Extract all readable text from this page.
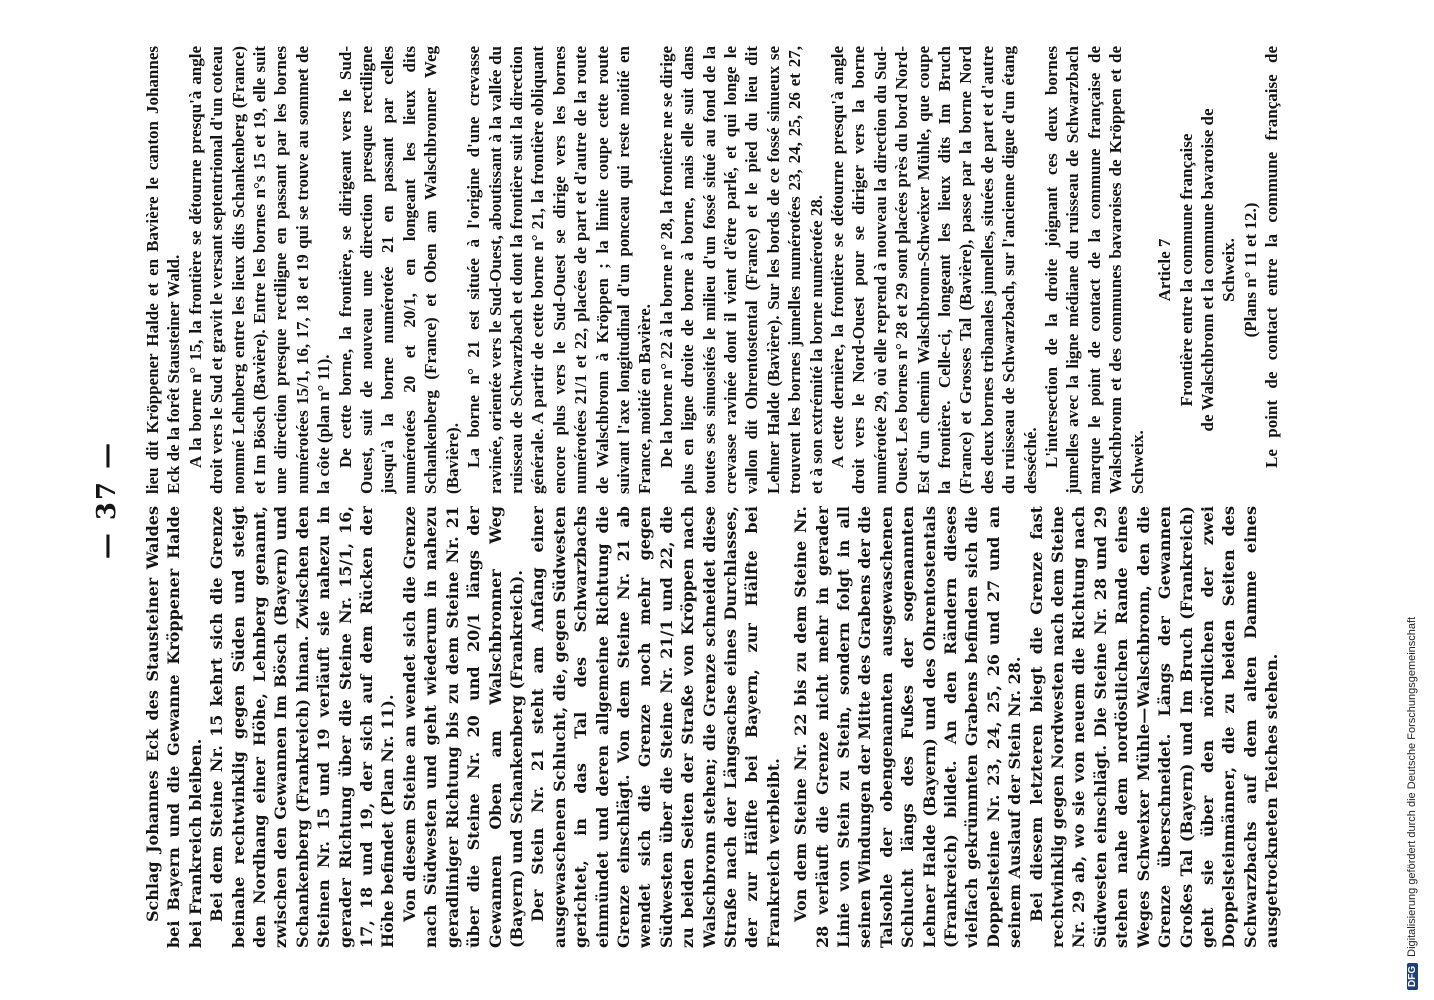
— 37 —

Schlag Johannes Eck des Stausteiner Waldes bei Bayern und die Gewanne Kröppener Halde bei Frankreich bleiben. Bei dem Steine Nr. 15 kehrt sich die Grenze beinahe rechtwinklig gegen Süden und steigt den Nordhang einer Höhe, Lehnberg genannt, zwischen den Gewannen Im Bösch (Bayern) und Schankenberg (Frankreich) hinan. Zwischen den Steinen Nr. 15 und 19 verläuft sie nahezu in gerader Richtung über die Steine Nr. 15/1, 16, 17, 18 und 19, der sich auf dem Rücken der Höhe befindet (Plan Nr. 11). Von diesem Steine an wendet sich die Grenze nach Südwesten und geht wiederum in nahezu geradliniger Richtung bis zu dem Steine Nr. 21 über die Steine Nr. 20 und 20/1 längs der Gewannen Oben am Walschbronner Weg (Bayern) und Schankenberg (Frankreich). Der Stein Nr. 21 steht am Anfang einer ausgewaschenen Schlucht, die, gegen Südwesten gerichtet, in das Tal des Schwarzbachs einmündet und deren allgemeine Richtung die Grenze einschlägt. Von dem Steine Nr. 21 ab wendet sich die Grenze noch mehr gegen Südwesten über die Steine Nr. 21/1 und 22, die zu beiden Seiten der Straße von Kröppen nach Walschbronn stehen; die Grenze schneidet diese Straße nach der Längsachse eines Durchlasses, der zur Hälfte bei Bayern, zur Hälfte bei Frankreich verbleibt. Von dem Steine Nr. 22 bis zu dem Steine Nr. 28 verläuft die Grenze nicht mehr in gerader Linie von Stein zu Stein, sondern folgt in all seinen Windungen der Mitte des Grabens der die Talsohle der obengenannten ausgewaschenen Schlucht längs des Fußes der sogenannten Lehner Halde (Bayern) und des Ohrentostentals (Frankreich) bildet. An den Rändern dieses vielfach gekrümmten Grabens befinden sich die Doppelsteine Nr. 23, 24, 25, 26 und 27 und an seinem Auslauf der Stein Nr. 28. Bei diesem letzteren biegt die Grenze fast rechtwinklig gegen Nordwesten nach dem Steine Nr. 29 ab, wo sie von neuem die Richtung nach Südwesten einschlägt. Die Steine Nr. 28 und 29 stehen nahe dem nordöstlichen Rande eines Weges Schweixer Mühle—Walschbronn, den die Grenze überschneidet. Längs der Gewannen Großes Tal (Bayern) und Im Bruch (Frankreich) geht sie über den nördlichen der zwei Doppelsteinmänner, die zu beiden Seiten des Schwarzbachs auf dem alten Damme eines ausgetrockneten Teiches stehen.

lieu dit Kröppener Halde et en Bavière le canton Johannes Eck de la forêt Stausteiner Wald. A la borne n° 15, la frontière se détourne presqu'à angle droit vers le Sud et gravit le versant septentrional d'un coteau nommé Lehnberg entre les lieux dits Schankenberg (France) et Im Bösch (Bavière). Entre les bornes n°s 15 et 19, elle suit une direction presque rectiligne en passant par les bornes numérotées 15/1, 16, 17, 18 et 19 qui se trouve au sommet de la côte (plan n° 11). De cette borne, la frontière, se dirigeant vers le Sud-Ouest, suit de nouveau une direction presque rectiligne jusqu'à la borne numérotée 21 en passant par celles numérotées 20 et 20/1, en longeant les lieux dits Schankenberg (France) et Oben am Walschbronner Weg (Bavière). La borne n° 21 est située à l'origine d'une crevasse ravinée, orientée vers le Sud-Ouest, aboutissant à la vallée du ruisseau de Schwarzbach et dont la frontière suit la direction générale. A partir de cette borne n° 21, la frontière obliquant encore plus vers le Sud-Ouest se dirige vers les bornes numérotées 21/1 et 22, placées de part et d'autre de la route de Walschbronn à Kröppen ; la limite coupe cette route suivant l'axe longitudinal d'un ponceau qui reste moitié en France, moitié en Bavière. De la borne n° 22 à la borne n° 28, la frontière ne se dirige plus en ligne droite de borne à borne, mais elle suit dans toutes ses sinuosités le milieu d'un fossé situé au fond de la crevasse ravinée dont il vient d'être parlé, et qui longe le vallon dit Ohrentostental (France) et le pied du lieu dit Lehner Halde (Bavière). Sur les bords de ce fossé sinueux se trouvent les bornes jumelles numérotées 23, 24, 25, 26 et 27, et à son extrémité la borne numérotée 28. A cette dernière, la frontière se détourne presqu'à angle droit vers le Nord-Ouest pour se diriger vers la borne numérotée 29, où elle reprend à nouveau la direction du Sud-Ouest. Les bornes n° 28 et 29 sont placées près du bord Nord-Est d'un chemin Walschbronn-Schweixer Mühle, que coupe la frontière. Celle-ci, longeant les lieux dits Im Bruch (France) et Grosses Tal (Bavière), passe par la borne Nord des deux bornes tribanales jumelles, situées de part et d'autre du ruisseau de Schwarzbach, sur l'ancienne digue d'un étang desséché. L'intersection de la droite joignant ces deux bornes jumelles avec la ligne médiane du ruisseau de Schwarzbach marque le point de contact de la commune française de Walschbronn et des communes bavaroises de Kröppen et de Schweix.

Article 7 Frontière entre la commune française de Walschbronn et la commune bavaroise de Schweix. (Plans n° 11 et 12.)

Le point de contact entre la commune française de

DFG Digitalisierung gefördert durch die Deutsche Forschungsgemeinschaft
